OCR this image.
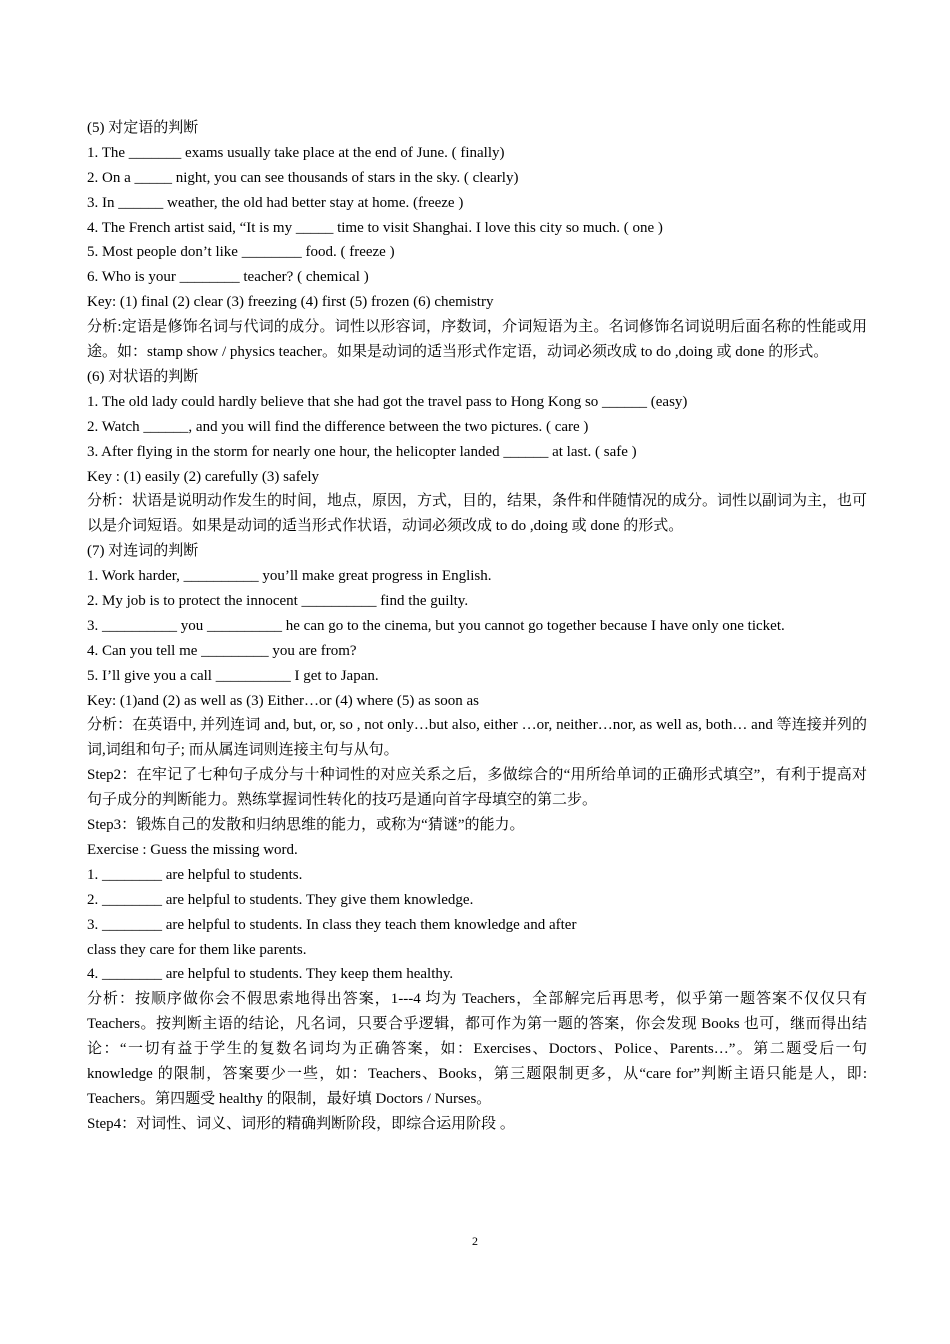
(5) 对定语的判断
1. The _______ exams usually take place at the end of June. ( finally)
2. On a _____ night, you can see thousands of stars in the sky. ( clearly)
3. In ______ weather, the old had better stay at home. (freeze )
4. The French artist said, “It is my _____ time to visit Shanghai. I love this city so much. ( one )
5. Most people don’t like ________ food. ( freeze )
6. Who is your ________ teacher? ( chemical )
Key: (1) final (2) clear (3) freezing (4) first (5) frozen (6) chemistry
分析:定语是修饰名词与代词的成分。词性以形容词，序数词，介词短语为主。名词修饰名词说明后面名称的性能或用途。如：stamp show / physics teacher。如果是动词的适当形式作定语，动词必须改成 to do ,doing 或 done 的形式。
(6) 对状语的判断
1. The old lady could hardly believe that she had got the travel pass to Hong Kong so ______ (easy)
2. Watch ______, and you will find the difference between the two pictures. ( care )
3. After flying in the storm for nearly one hour, the helicopter landed ______ at last. ( safe )
Key : (1) easily (2) carefully (3) safely
分析：状语是说明动作发生的时间，地点，原因，方式，目的，结果，条件和伴随情况的成分。词性以副词为主，也可以是介词短语。如果是动词的适当形式作状语，动词必须改成 to do ,doing 或 done 的形式。
(7) 对连词的判断
1. Work harder, __________ you’ll make great progress in English.
2. My job is to protect the innocent __________ find the guilty.
3. __________ you __________ he can go to the cinema, but you cannot go together because I have only one ticket.
4. Can you tell me _________ you are from?
5. I’ll give you a call __________ I get to Japan.
Key: (1)and (2) as well as (3) Either…or (4) where (5) as soon as
分析：在英语中, 并列连词 and, but, or, so , not only…but also, either …or, neither…nor, as well as, both… and 等连接并列的词,词组和句子; 而从属连词则连接主句与从句。
Step2：在牢记了七种句子成分与十种词性的对应关系之后，多做综合的“用所给单词的正确形式填空”，有利于提高对句子成分的判断能力。熟练掌握词性转化的技巧是通向首字母填空的第二步。
Step3：锻炼自己的发散和归纳思维的能力，或称为“猜谜”的能力。
Exercise : Guess the missing word.
1. ________ are helpful to students.
2. ________ are helpful to students. They give them knowledge.
3. ________ are helpful to students. In class they teach them knowledge and after
class they care for them like parents.
4. ________ are helpful to students. They keep them healthy.
分析：按顺序做你会不假思索地得出答案，1---4 均为 Teachers，全部解完后再思考，似乎第一题答案不仅仅只有 Teachers。按判断主语的结论，凡名词，只要合乎逻辑，都可作为第一题的答案，你会发现 Books 也可，继而得出结论：“一切有益于学生的复数名词均为正确答案，如：Exercises、Doctors、Police、Parents…”。第二题受后一句 knowledge 的限制，答案要少一些，如：Teachers、Books，第三题限制更多，从“care for”判断主语只能是人，即: Teachers。第四题受 healthy 的限制，最好填 Doctors / Nurses。
Step4：对词性、词义、词形的精确判断阶段，即综合运用阶段 。
2
